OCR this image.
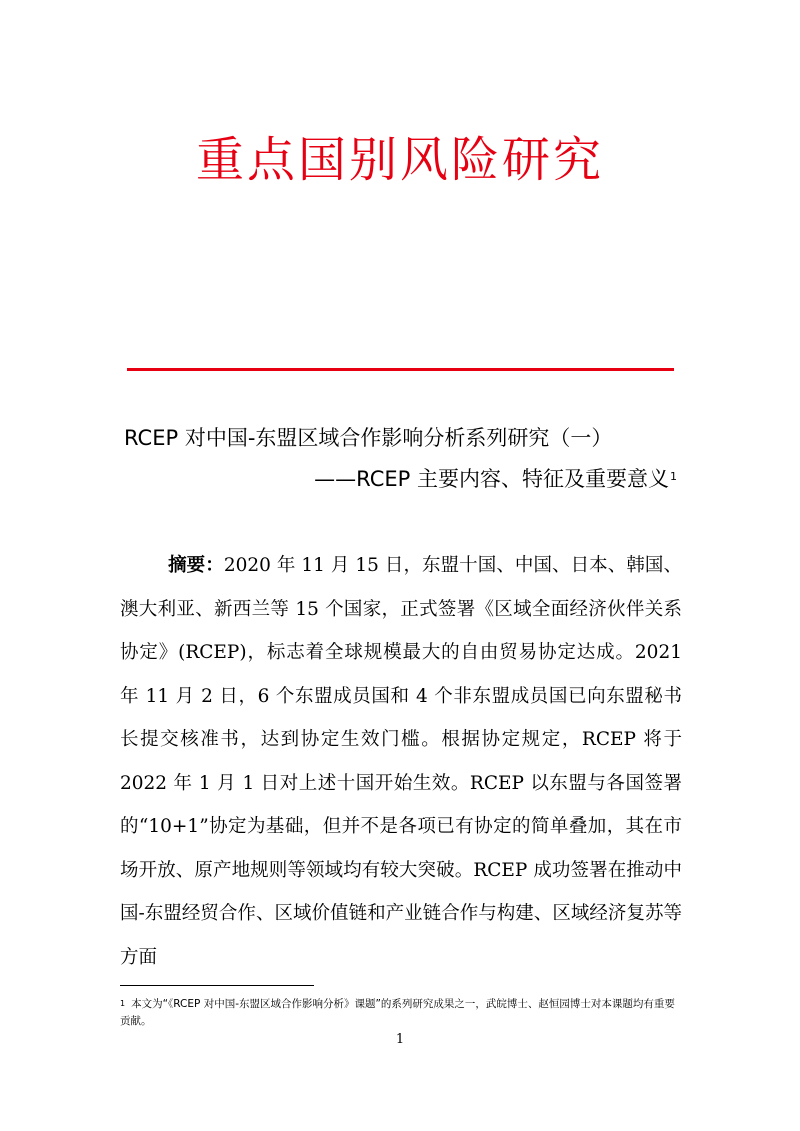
重点国别风险研究
RCEP 对中国-东盟区域合作影响分析系列研究（一）
——RCEP 主要内容、特征及重要意义$^1$

摘要：2020 年 11 月 15 日，东盟十国、中国、日本、韩国、澳大利亚、新西兰等 15 个国家，正式签署《区域全面经济伙伴关系协定》(RCEP)，标志着全球规模最大的自由贸易协定达成。2021 年 11 月 2 日，6 个东盟成员国和 4 个非东盟成员国已向东盟秘书长提交核准书，达到协定生效门槛。根据协定规定，RCEP 将于 2022 年 1 月 1 日对上述十国开始生效。RCEP 以东盟与各国签署的“10+1”协定为基础，但并不是各项已有协定的简单叠加，其在市场开放、原产地规则等领域均有较大突破。RCEP 成功签署在推动中国-东盟经贸合作、区域价值链和产业链合作与构建、区域经济复苏等方面

$^1$ 本文为“《RCEP 对中国-东盟区域合作影响分析》课题”的系列研究成果之一，武皖博士、赵恒园博士对本课题均有重要贡献。

1
